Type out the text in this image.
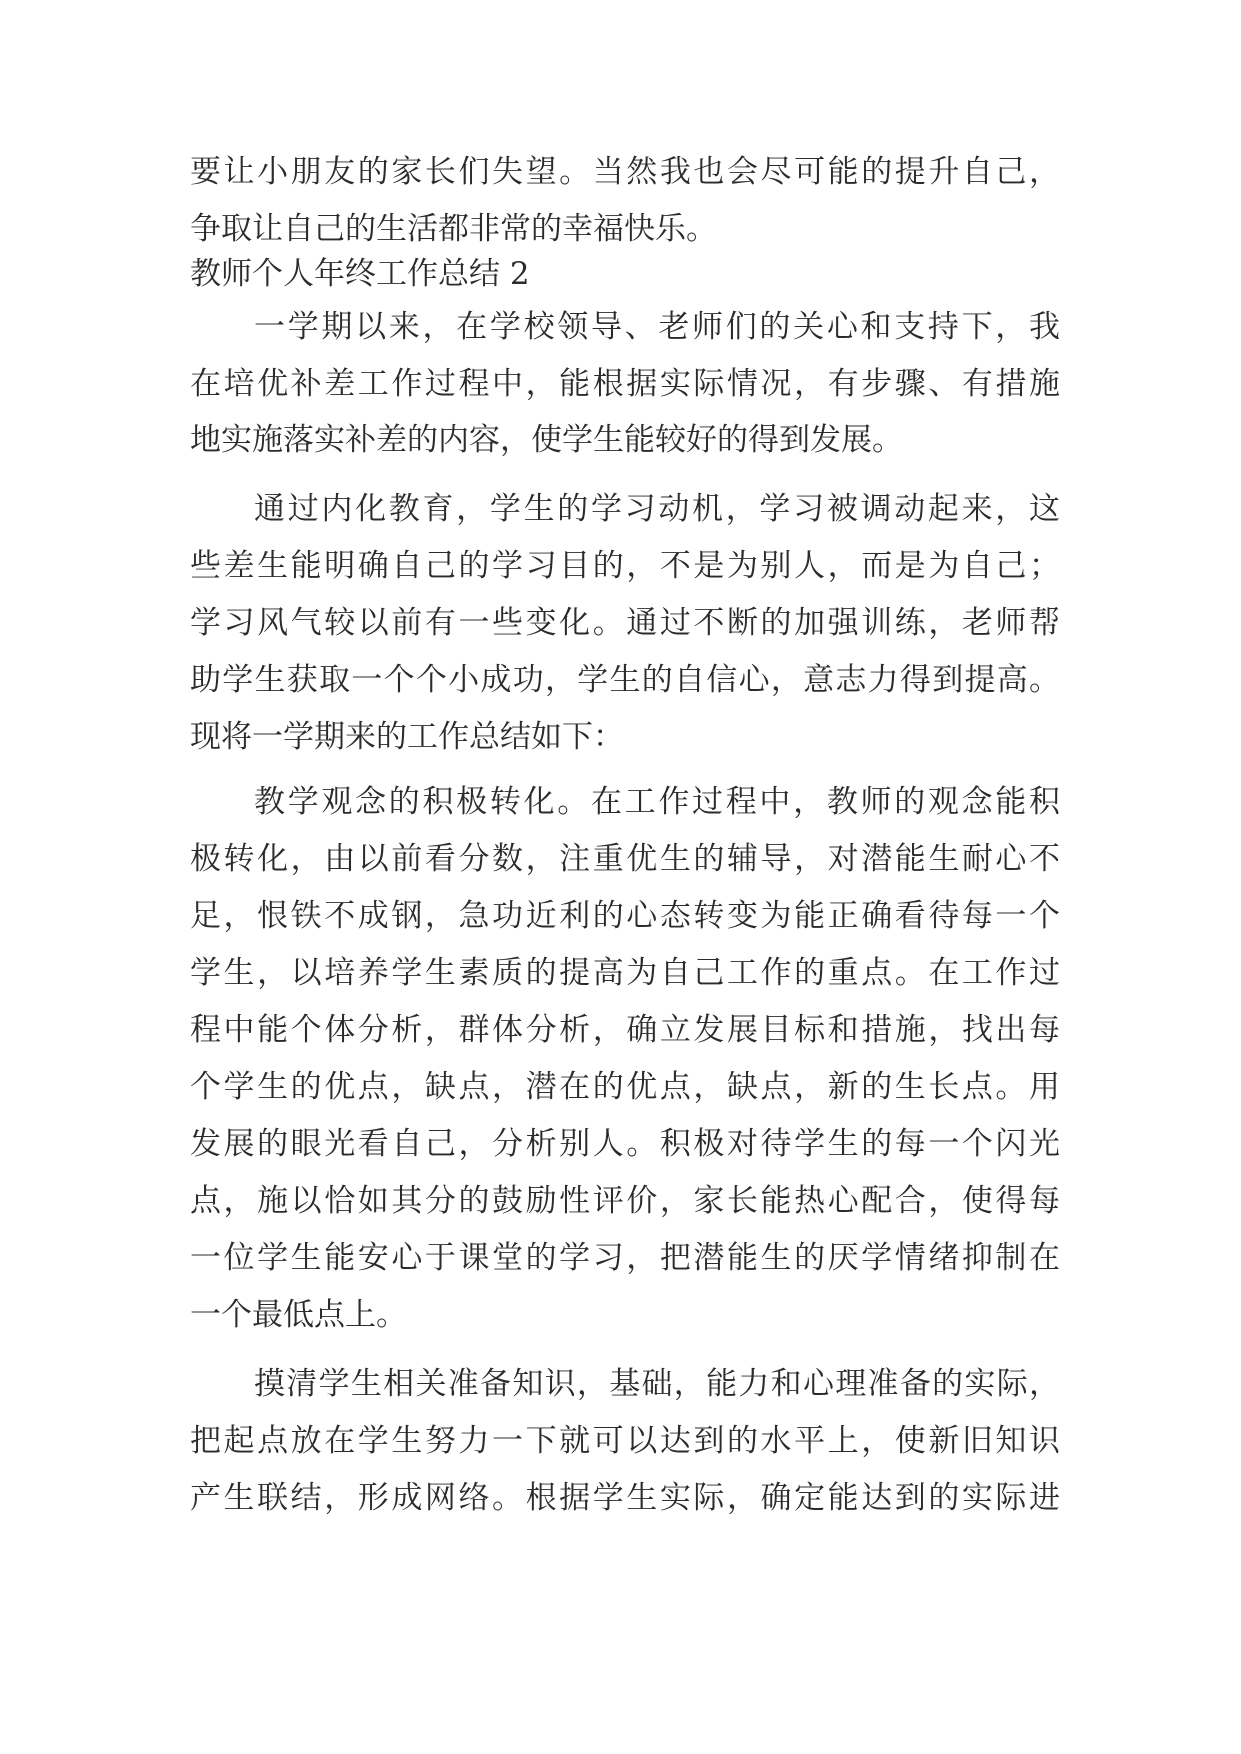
要让小朋友的家长们失望。当然我也会尽可能的提升自己，
争取让自己的生活都非常的幸福快乐。
教师个人年终工作总结 2
一学期以来，在学校领导、老师们的关心和支持下，我
在培优补差工作过程中，能根据实际情况，有步骤、有措施
地实施落实补差的内容，使学生能较好的得到发展。
通过内化教育，学生的学习动机，学习被调动起来，这
些差生能明确自己的学习目的，不是为别人，而是为自己；
学习风气较以前有一些变化。通过不断的加强训练，老师帮
助学生获取一个个小成功，学生的自信心，意志力得到提高。
现将一学期来的工作总结如下：
教学观念的积极转化。在工作过程中，教师的观念能积
极转化，由以前看分数，注重优生的辅导，对潜能生耐心不
足，恨铁不成钢，急功近利的心态转变为能正确看待每一个
学生，以培养学生素质的提高为自己工作的重点。在工作过
程中能个体分析，群体分析，确立发展目标和措施，找出每
个学生的优点，缺点，潜在的优点，缺点，新的生长点。用
发展的眼光看自己，分析别人。积极对待学生的每一个闪光
点，施以恰如其分的鼓励性评价，家长能热心配合，使得每
一位学生能安心于课堂的学习，把潜能生的厌学情绪抑制在
一个最低点上。
摸清学生相关准备知识，基础，能力和心理准备的实际，
把起点放在学生努力一下就可以达到的水平上，使新旧知识
产生联结，形成网络。根据学生实际，确定能达到的实际进
